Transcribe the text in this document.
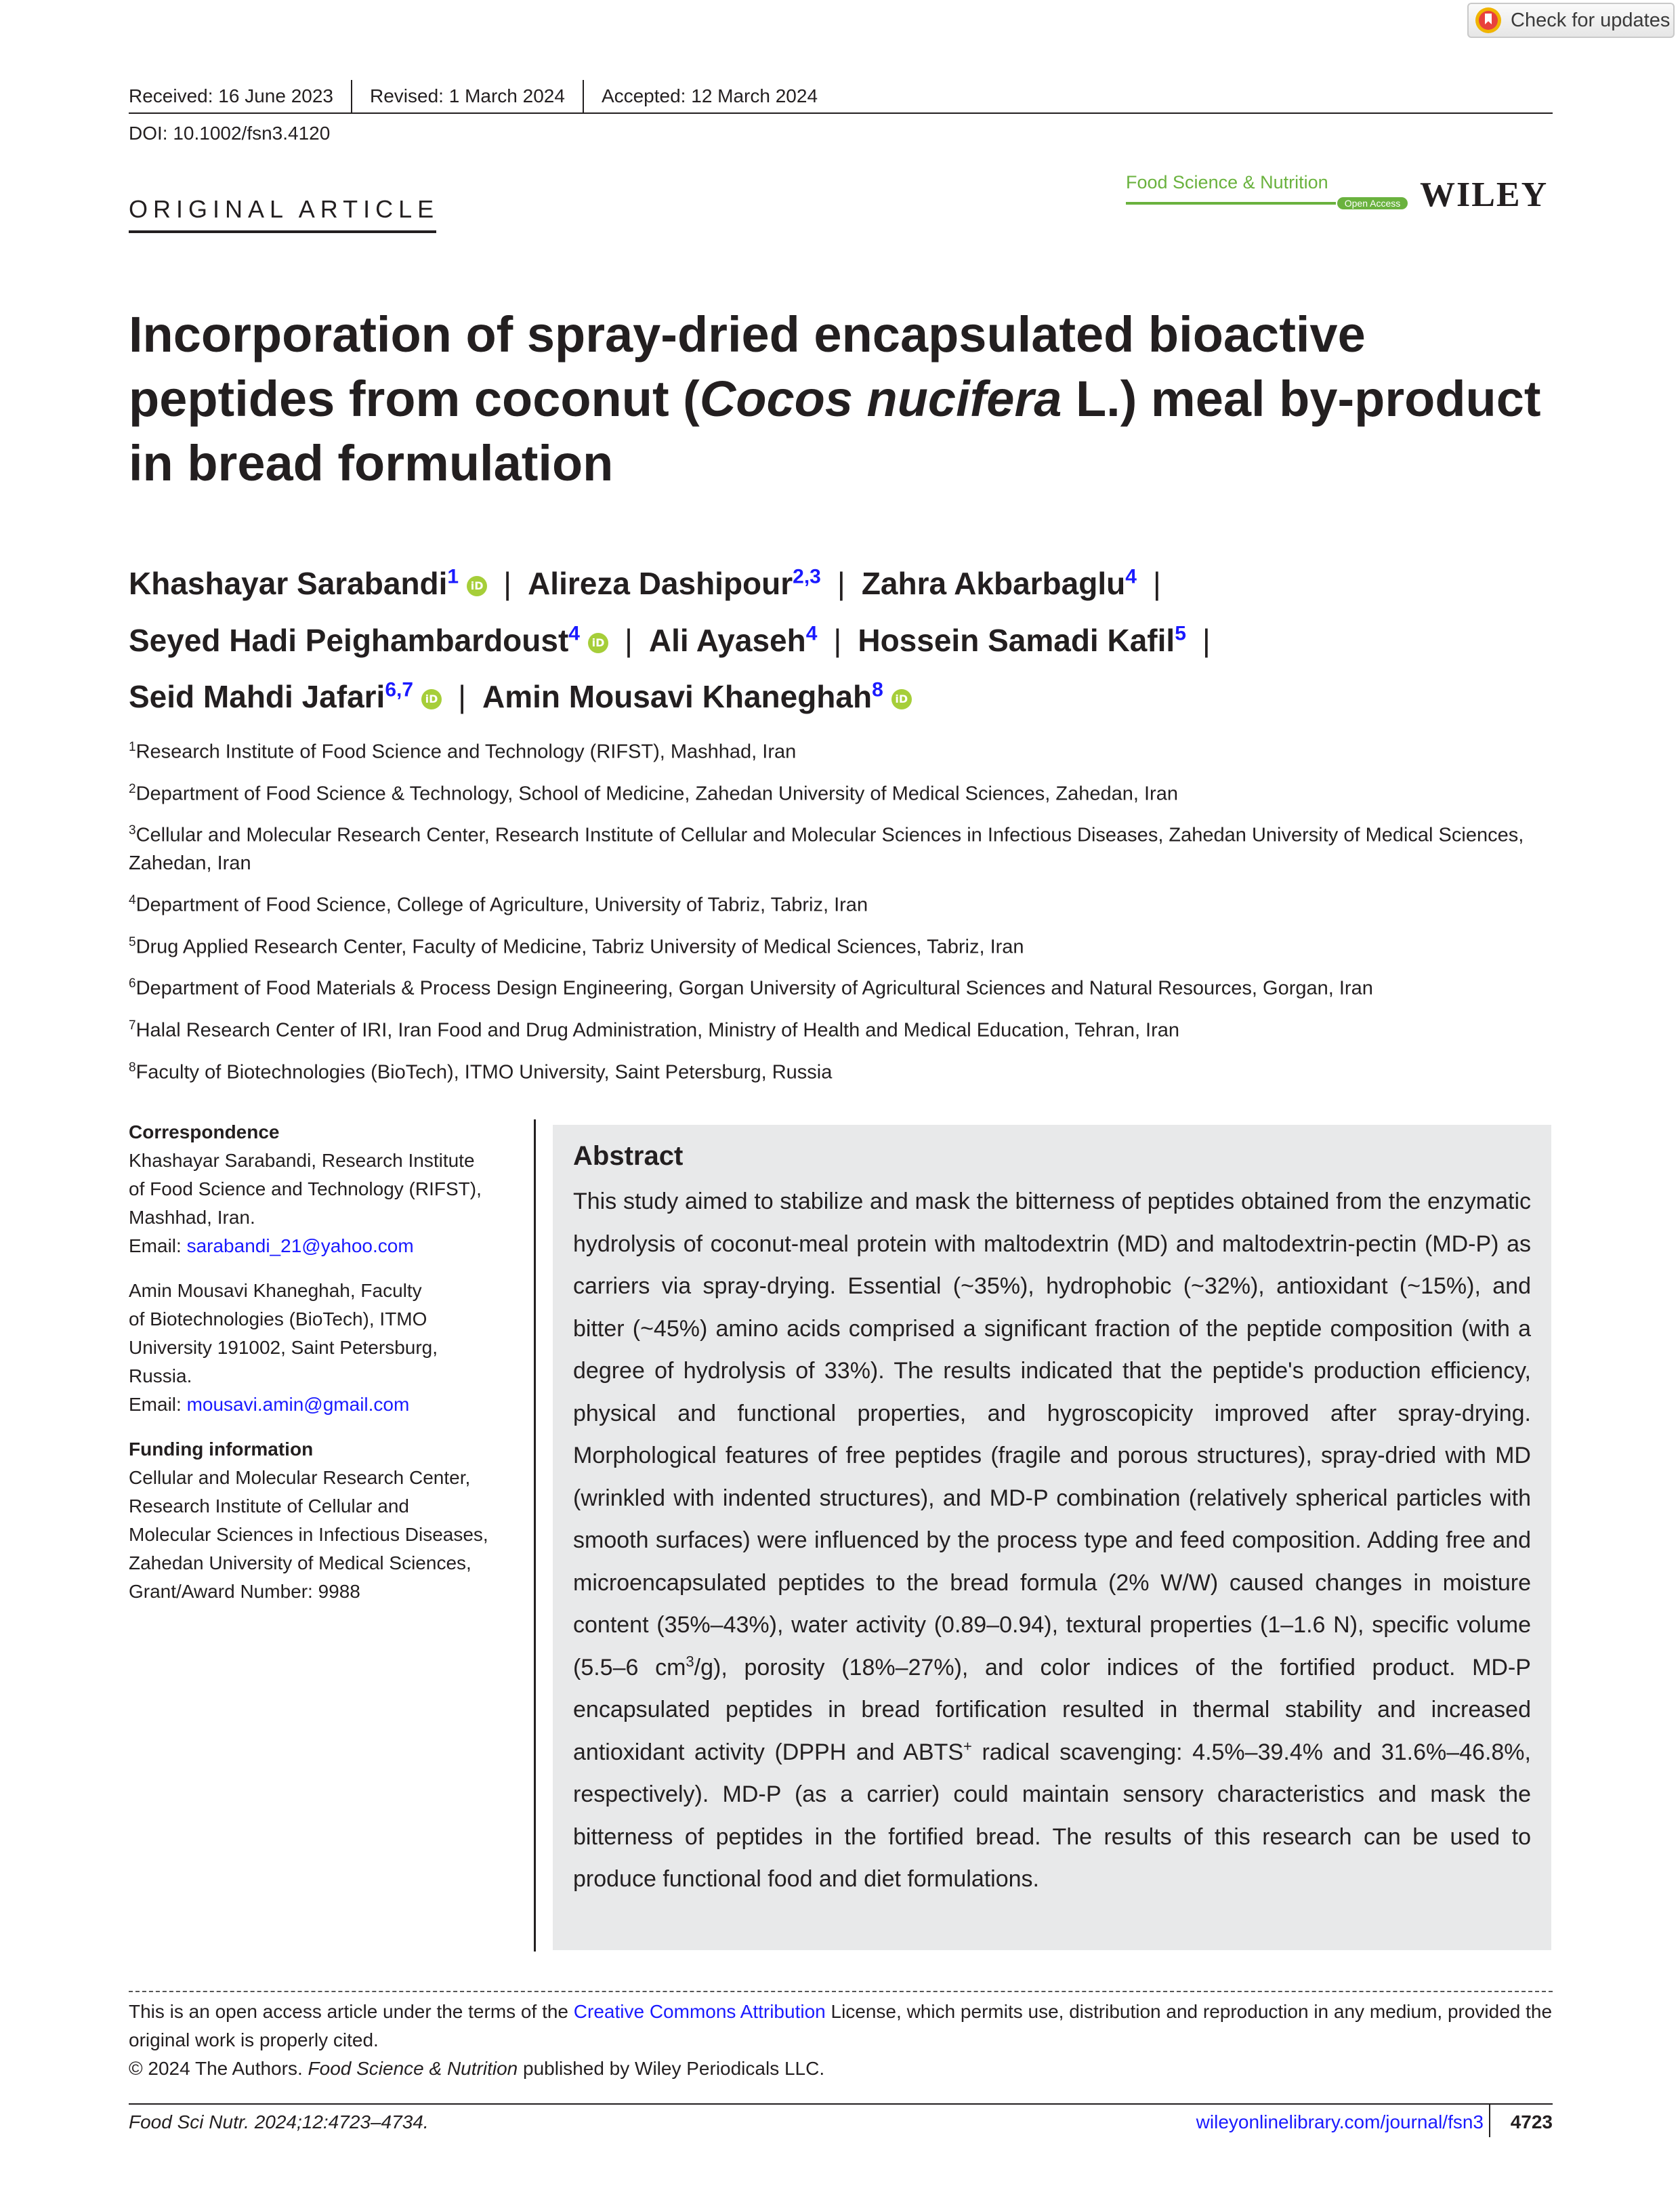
Check for updates
Received: 16 June 2023	Revised: 1 March 2024	Accepted: 12 March 2024
DOI: 10.1002/fsn3.4120
ORIGINAL ARTICLE
Food Science & Nutrition
Open Access WILEY
Incorporation of spray-dried encapsulated bioactive peptides from coconut (Cocos nucifera L.) meal by-product in bread formulation
Khashayar Sarabandi$^1$ iD | Alireza Dashipour$^{2,3}$ | Zahra Akbarbaglu$^4$ |
Seyed Hadi Peighambardoust$^4$ iD | Ali Ayaseh$^4$ | Hossein Samadi Kafil$^5$ |
Seid Mahdi Jafari$^{6,7}$ iD | Amin Mousavi Khaneghah$^8$ iD
$^1$Research Institute of Food Science and Technology (RIFST), Mashhad, Iran
$^2$Department of Food Science & Technology, School of Medicine, Zahedan University of Medical Sciences, Zahedan, Iran
$^3$Cellular and Molecular Research Center, Research Institute of Cellular and Molecular Sciences in Infectious Diseases, Zahedan University of Medical Sciences, Zahedan, Iran
$^4$Department of Food Science, College of Agriculture, University of Tabriz, Tabriz, Iran
$^5$Drug Applied Research Center, Faculty of Medicine, Tabriz University of Medical Sciences, Tabriz, Iran
$^6$Department of Food Materials & Process Design Engineering, Gorgan University of Agricultural Sciences and Natural Resources, Gorgan, Iran
$^7$Halal Research Center of IRI, Iran Food and Drug Administration, Ministry of Health and Medical Education, Tehran, Iran
$^8$Faculty of Biotechnologies (BioTech), ITMO University, Saint Petersburg, Russia
Correspondence
Khashayar Sarabandi, Research Institute
of Food Science and Technology (RIFST),
Mashhad, Iran.
Email: sarabandi_21@yahoo.com
Amin Mousavi Khaneghah, Faculty
of Biotechnologies (BioTech), ITMO
University 191002, Saint Petersburg,
Russia.
Email: mousavi.amin@gmail.com
Funding information
Cellular and Molecular Research Center,
Research Institute of Cellular and
Molecular Sciences in Infectious Diseases,
Zahedan University of Medical Sciences,
Grant/Award Number: 9988
Abstract
This study aimed to stabilize and mask the bitterness of peptides obtained from the enzymatic hydrolysis of coconut-meal protein with maltodextrin (MD) and maltodextrin-pectin (MD-P) as carriers via spray-drying. Essential (~35%), hydrophobic (~32%), antioxidant (~15%), and bitter (~45%) amino acids comprised a significant fraction of the peptide composition (with a degree of hydrolysis of 33%). The results indicated that the peptide's production efficiency, physical and functional properties, and hygroscopicity improved after spray-drying. Morphological features of free peptides (fragile and porous structures), spray-dried with MD (wrinkled with indented structures), and MD-P combination (relatively spherical particles with smooth surfaces) were influenced by the process type and feed composition. Adding free and microencapsulated peptides to the bread formula (2% W/W) caused changes in moisture content (35%–43%), water activity (0.89–0.94), textural properties (1–1.6 N), specific volume (5.5–6 $cm^3/g$), porosity (18%–27%), and color indices of the fortified product. MD-P encapsulated peptides in bread fortification resulted in thermal stability and increased antioxidant activity (DPPH and ABTS+ radical scavenging: 4.5%–39.4% and 31.6%–46.8%, respectively). MD-P (as a carrier) could maintain sensory characteristics and mask the bitterness of peptides in the fortified bread. The results of this research can be used to produce functional food and diet formulations.
This is an open access article under the terms of the Creative Commons Attribution License, which permits use, distribution and reproduction in any medium, provided the original work is properly cited.
© 2024 The Authors. Food Science & Nutrition published by Wiley Periodicals LLC.
Food Sci Nutr. 2024;12:4723–4734.	wileyonlinelibrary.com/journal/fsn3	4723
